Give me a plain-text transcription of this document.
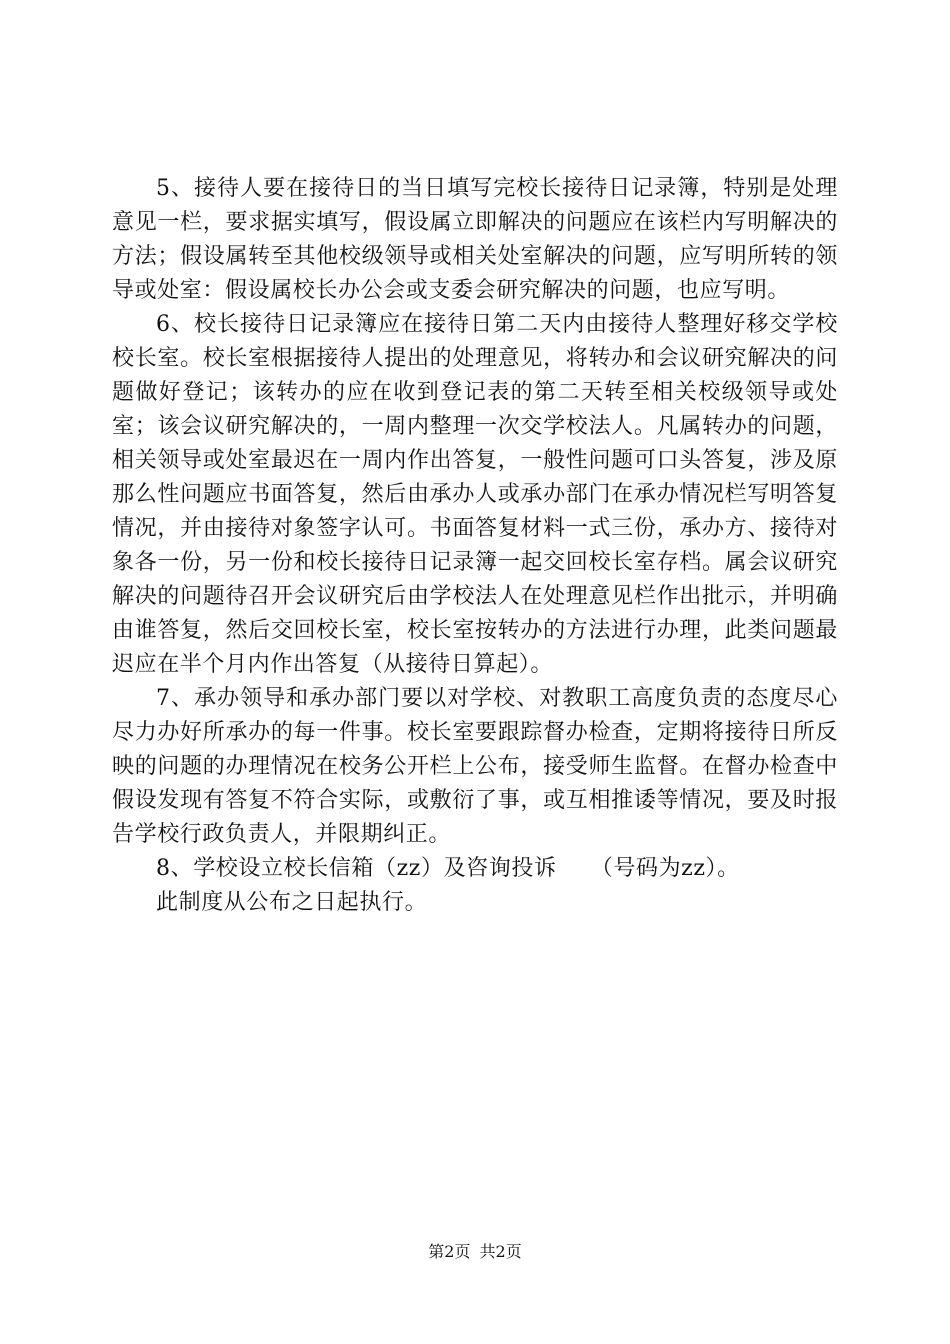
5、接待人要在接待日的当日填写完校长接待日记录簿，特别是处理意见一栏，要求据实填写，假设属立即解决的问题应在该栏内写明解决的方法；假设属转至其他校级领导或相关处室解决的问题，应写明所转的领导或处室：假设属校长办公会或支委会研究解决的问题，也应写明。

6、校长接待日记录簿应在接待日第二天内由接待人整理好移交学校校长室。校长室根据接待人提出的处理意见，将转办和会议研究解决的问题做好登记；该转办的应在收到登记表的第二天转至相关校级领导或处室；该会议研究解决的，一周内整理一次交学校法人。凡属转办的问题，相关领导或处室最迟在一周内作出答复，一般性问题可口头答复，涉及原那么性问题应书面答复，然后由承办人或承办部门在承办情况栏写明答复情况，并由接待对象签字认可。书面答复材料一式三份，承办方、接待对象各一份，另一份和校长接待日记录簿一起交回校长室存档。属会议研究解决的问题待召开会议研究后由学校法人在处理意见栏作出批示，并明确由谁答复，然后交回校长室，校长室按转办的方法进行办理，此类问题最迟应在半个月内作出答复（从接待日算起）。

7、承办领导和承办部门要以对学校、对教职工高度负责的态度尽心尽力办好所承办的每一件事。校长室要跟踪督办检查，定期将接待日所反映的问题的办理情况在校务公开栏上公布，接受师生监督。在督办检查中假设发现有答复不符合实际，或敷衍了事，或互相推诿等情况，要及时报告学校行政负责人，并限期纠正。

8、学校设立校长信箱（zz）及咨询投诉　　（号码为zz）。

此制度从公布之日起执行。

第2页 共2页
